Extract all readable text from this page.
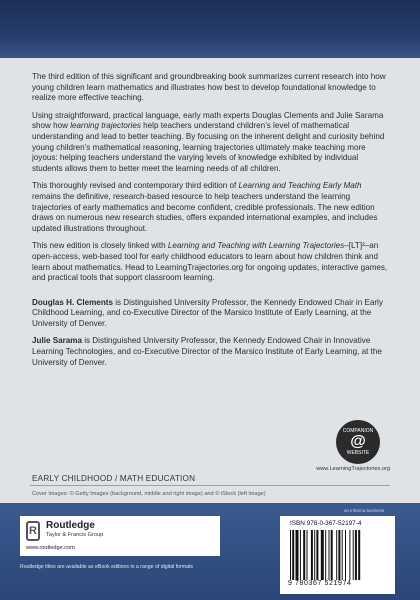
The third edition of this significant and groundbreaking book summarizes current research into how young children learn mathematics and illustrates how best to develop foundational knowledge to realize more effective teaching.

Using straightforward, practical language, early math experts Douglas Clements and Julie Sarama show how learning trajectories help teachers understand children’s level of mathematical understanding and lead to better teaching. By focusing on the inherent delight and curiosity behind young children’s mathematical reasoning, learning trajectories ultimately make teaching more joyous: helping teachers understand the varying levels of knowledge exhibited by individual students allows them to better meet the learning needs of all children.

This thoroughly revised and contemporary third edition of Learning and Teaching Early Math remains the definitive, research-based resource to help teachers understand the learning trajectories of early mathematics and become confident, credible professionals. The new edition draws on numerous new research studies, offers expanded international examples, and includes updated illustrations throughout.

This new edition is closely linked with Learning and Teaching with Learning Trajectories–[LT]²–an open-access, web-based tool for early childhood educators to learn about how children think and learn about mathematics. Head to LearningTrajectories.org for ongoing updates, interactive games, and practical tools that support classroom learning.

Douglas H. Clements is Distinguished University Professor, the Kennedy Endowed Chair in Early Childhood Learning, and co-Executive Director of the Marsico Institute of Early Learning, at the University of Denver.

Julie Sarama is Distinguished University Professor, the Kennedy Endowed Chair in Innovative Learning Technologies, and co-Executive Director of the Marsico Institute of Early Learning, at the University of Denver.

COMPANION
@
WEBSITE
www.LearningTrajectories.org
EARLY CHILDHOOD / MATH EDUCATION
Cover images: © Getty Images (background, middle and right image) and © iStock (left image)
an informa business
R Routledge
Taylor & Francis Group
www.routledge.com
Routledge titles are available as eBook editions in a range of digital formats
ISBN 978-0-367-52197-4
9 780367 521974
